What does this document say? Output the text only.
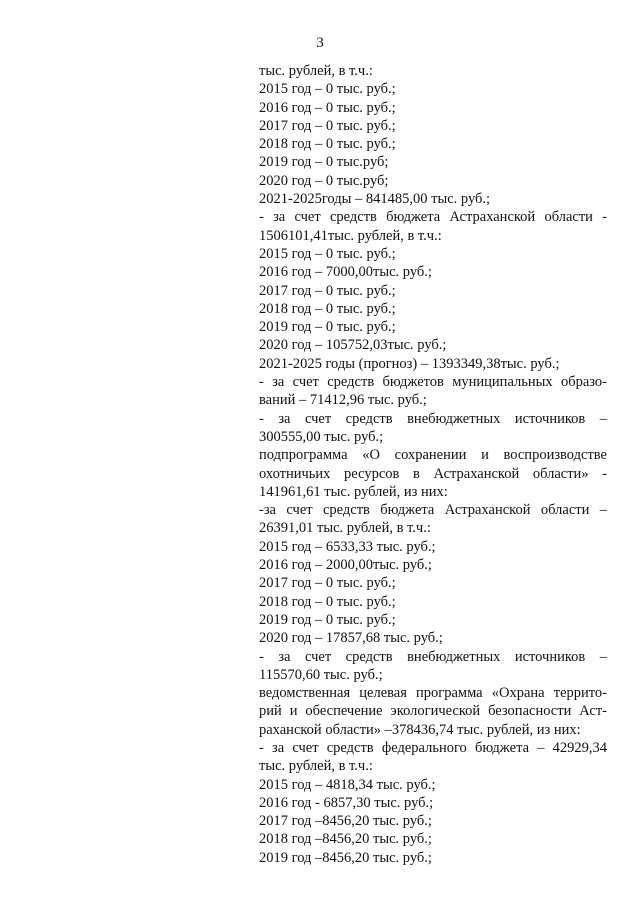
3
тыс. рублей, в т.ч.:
2015 год – 0 тыс. руб.;
2016 год – 0 тыс. руб.;
2017 год – 0 тыс. руб.;
2018 год – 0 тыс. руб.;
2019 год – 0 тыс.руб;
2020 год – 0 тыс.руб;
2021-2025годы – 841485,00 тыс. руб.;
- за счет средств бюджета Астраханской области -
1506101,41тыс. рублей, в т.ч.:
2015 год – 0 тыс. руб.;
2016 год – 7000,00тыс. руб.;
2017 год – 0 тыс. руб.;
2018 год – 0 тыс. руб.;
2019 год – 0 тыс. руб.;
2020 год – 105752,03тыс. руб.;
2021-2025 годы (прогноз) – 1393349,38тыс. руб.;
- за счет средств бюджетов муниципальных образо-
ваний – 71412,96 тыс. руб.;
- за счет средств внебюджетных источников –
300555,00 тыс. руб.;
подпрограмма «О сохранении и воспроизводстве
охотничьих ресурсов в Астраханской области» -
141961,61 тыс. рублей, из них:
-за счет средств бюджета Астраханской области –
26391,01 тыс. рублей, в т.ч.:
2015 год – 6533,33 тыс. руб.;
2016 год – 2000,00тыс. руб.;
2017 год – 0 тыс. руб.;
2018 год – 0 тыс. руб.;
2019 год – 0 тыс. руб.;
2020 год – 17857,68 тыс. руб.;
- за счет средств внебюджетных источников –
115570,60 тыс. руб.;
ведомственная целевая программа «Охрана террито-
рий и обеспечение экологической безопасности Аст-
раханской области» –378436,74 тыс. рублей, из них:
- за счет средств федерального бюджета – 42929,34
тыс. рублей, в т.ч.:
2015 год – 4818,34 тыс. руб.;
2016 год - 6857,30 тыс. руб.;
2017 год –8456,20 тыс. руб.;
2018 год –8456,20 тыс. руб.;
2019 год –8456,20 тыс. руб.;
